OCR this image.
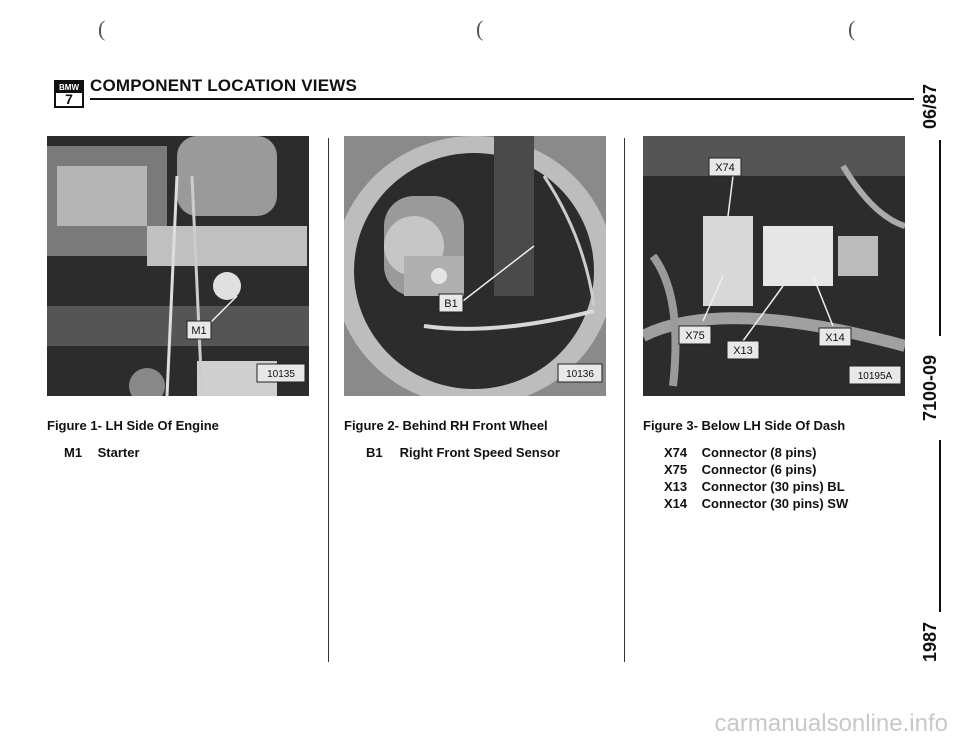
(	(	(
BMW
7
COMPONENT LOCATION VIEWS	06/87
7100-09
1987
M1
10135
B1
10136
X74
X75
X13
X14
10195A
Figure 1- LH Side Of Engine	Figure 2- Behind RH Front Wheel	Figure 3- Below LH Side Of Dash
M1 Starter	B1 Right Front Speed Sensor	X74 Connector (8 pins)
X75 Connector (6 pins)
X13 Connector (30 pins) BL
X14 Connector (30 pins) SW
carmanualsonline.info
